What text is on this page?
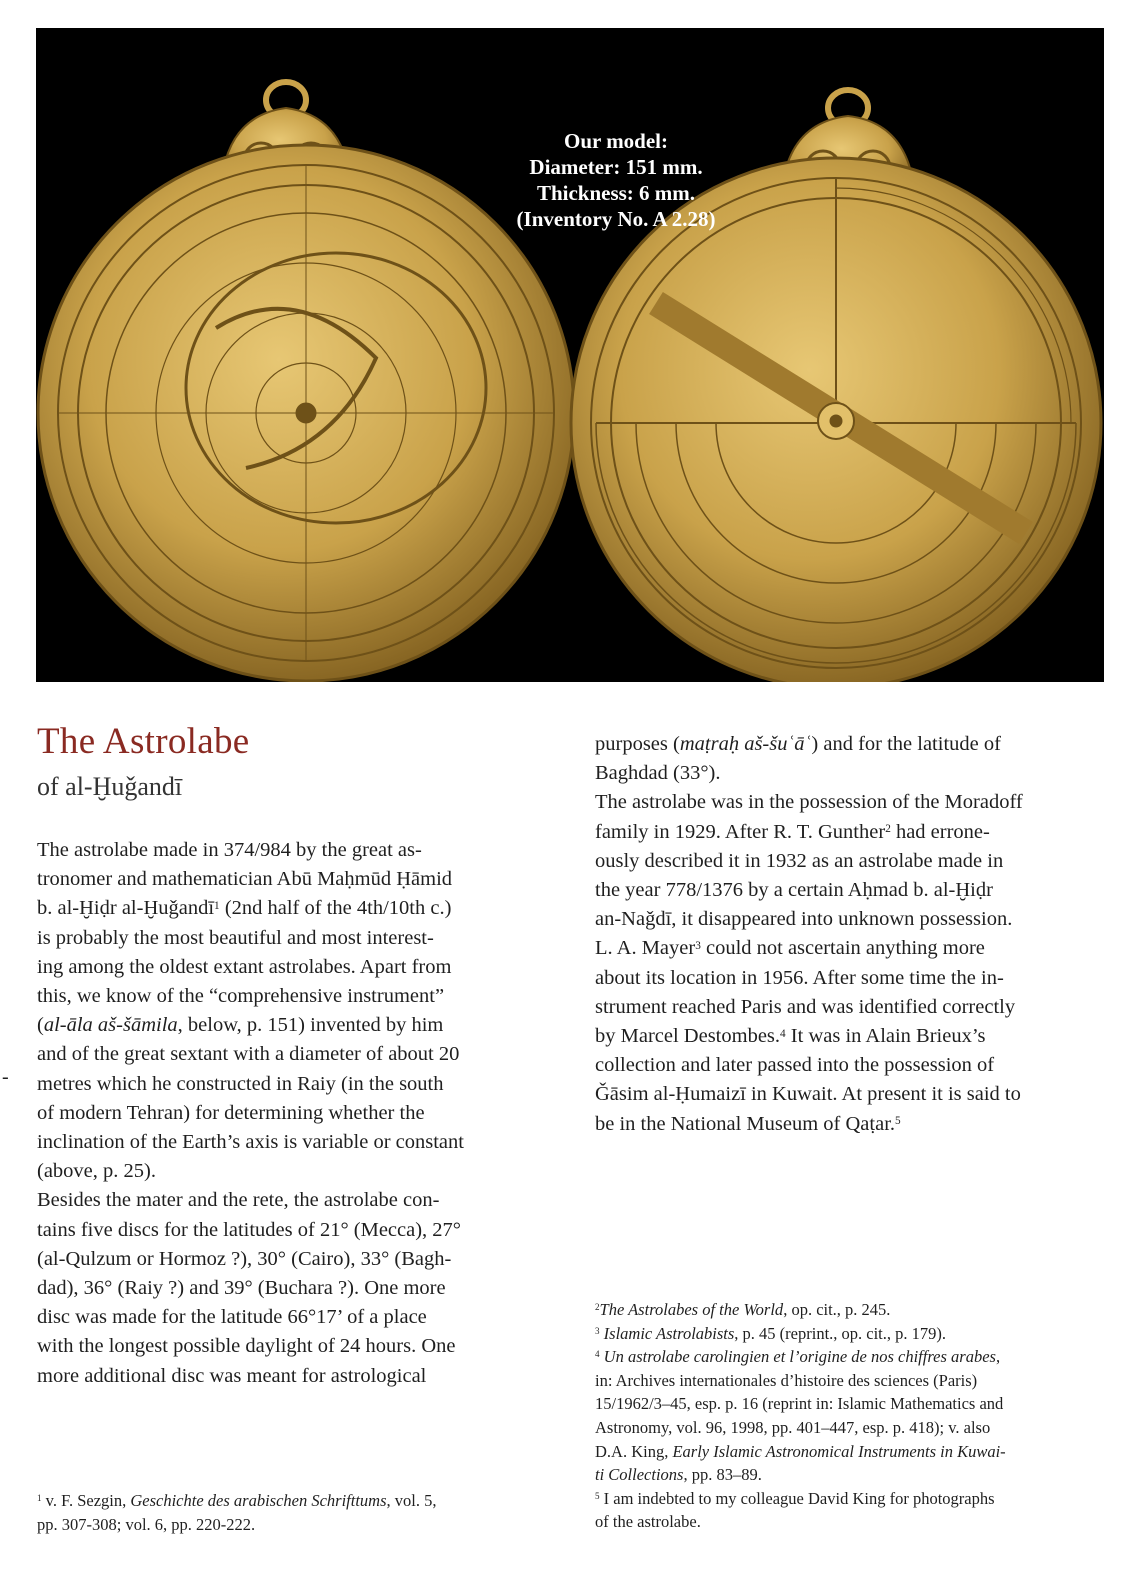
Our model:
Diameter: 151 mm.
Thickness: 6 mm.
(Inventory No. A 2.28)
The Astrolabe
of al-Ḫuǧandī
-

The astrolabe made in 374/984 by the great as-
tronomer and mathematician Abū Maḥmūd Ḥāmid
b. al-Ḫiḍr al-Ḫuǧandī$^1$ (2nd half of the 4th/10th c.)
is probably the most beautiful and most interest-
ing among the oldest extant astrolabes. Apart from
this, we know of the “comprehensive instrument”
(al-āla aš-šāmila, below, p. 151) invented by him
and of the great sextant with a diameter of about 20
metres which he constructed in Raiy (in the south
of modern Tehran) for determining whether the
inclination of the Earth’s axis is variable or constant
(above, p. 25).

Besides the mater and the rete, the astrolabe con-
tains five discs for the latitudes of 21° (Mecca), 27°
(al-Qulzum or Hormoz ?), 30° (Cairo), 33° (Bagh-
dad), 36° (Raiy ?) and 39° (Buchara ?). One more
disc was made for the latitude 66°17’ of a place
with the longest possible daylight of 24 hours. One
more additional disc was meant for astrological

purposes (maṭraḥ aš-šuʿāʿ) and for the latitude of
Baghdad (33°).

The astrolabe was in the possession of the Moradoff
family in 1929. After R. T. Gunther$^2$ had errone-
ously described it in 1932 as an astrolabe made in
the year 778/1376 by a certain Aḥmad b. al-Ḫiḍr
an-Naǧdī, it disappeared into unknown possession.
L. A. Mayer$^3$ could not ascertain anything more
about its location in 1956. After some time the in-
strument reached Paris and was identified correctly
by Marcel Destombes.$^4$ It was in Alain Brieux’s
collection and later passed into the possession of
Ǧāsim al-Ḥumaizī in Kuwait. At present it is said to
be in the National Museum of Qaṭar.$^5$

$^1$ v. F. Sezgin, Geschichte des arabischen Schrifttums, vol. 5,
pp. 307-308; vol. 6, pp. 220-222.

$^2$The Astrolabes of the World, op. cit., p. 245.

$^3$ Islamic Astrolabists, p. 45 (reprint., op. cit., p. 179).

$^4$ Un astrolabe carolingien et l’origine de nos chiffres arabes,
in: Archives internationales d’histoire des sciences (Paris)
15/1962/3–45, esp. p. 16 (reprint in: Islamic Mathematics and
Astronomy, vol. 96, 1998, pp. 401–447, esp. p. 418); v. also
D.A. King, Early Islamic Astronomical Instruments in Kuwai-
ti Collections, pp. 83–89.

$^5$ I am indebted to my colleague David King for photographs
of the astrolabe.
